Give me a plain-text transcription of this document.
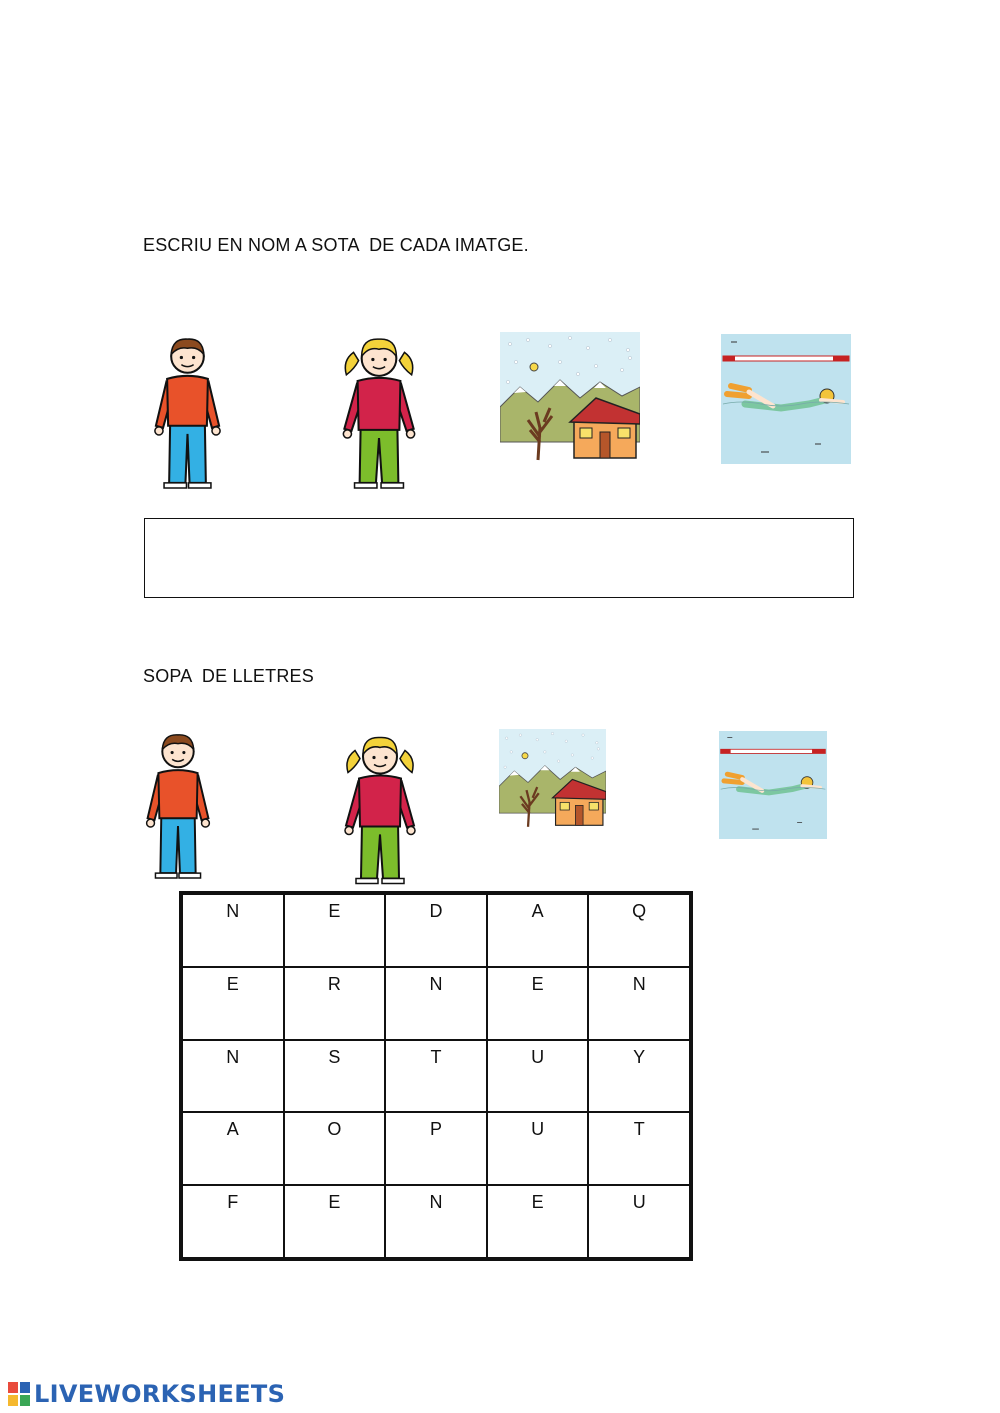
ESCRIU EN NOM A SOTA  DE CADA IMATGE.
SOPA  DE LLETRES
N	E	D	A	Q
E	R	N	E	N
N	S	T	U	Y
A	O	P	U	T
F	E	N	E	U
LIVEWORKSHEETS
